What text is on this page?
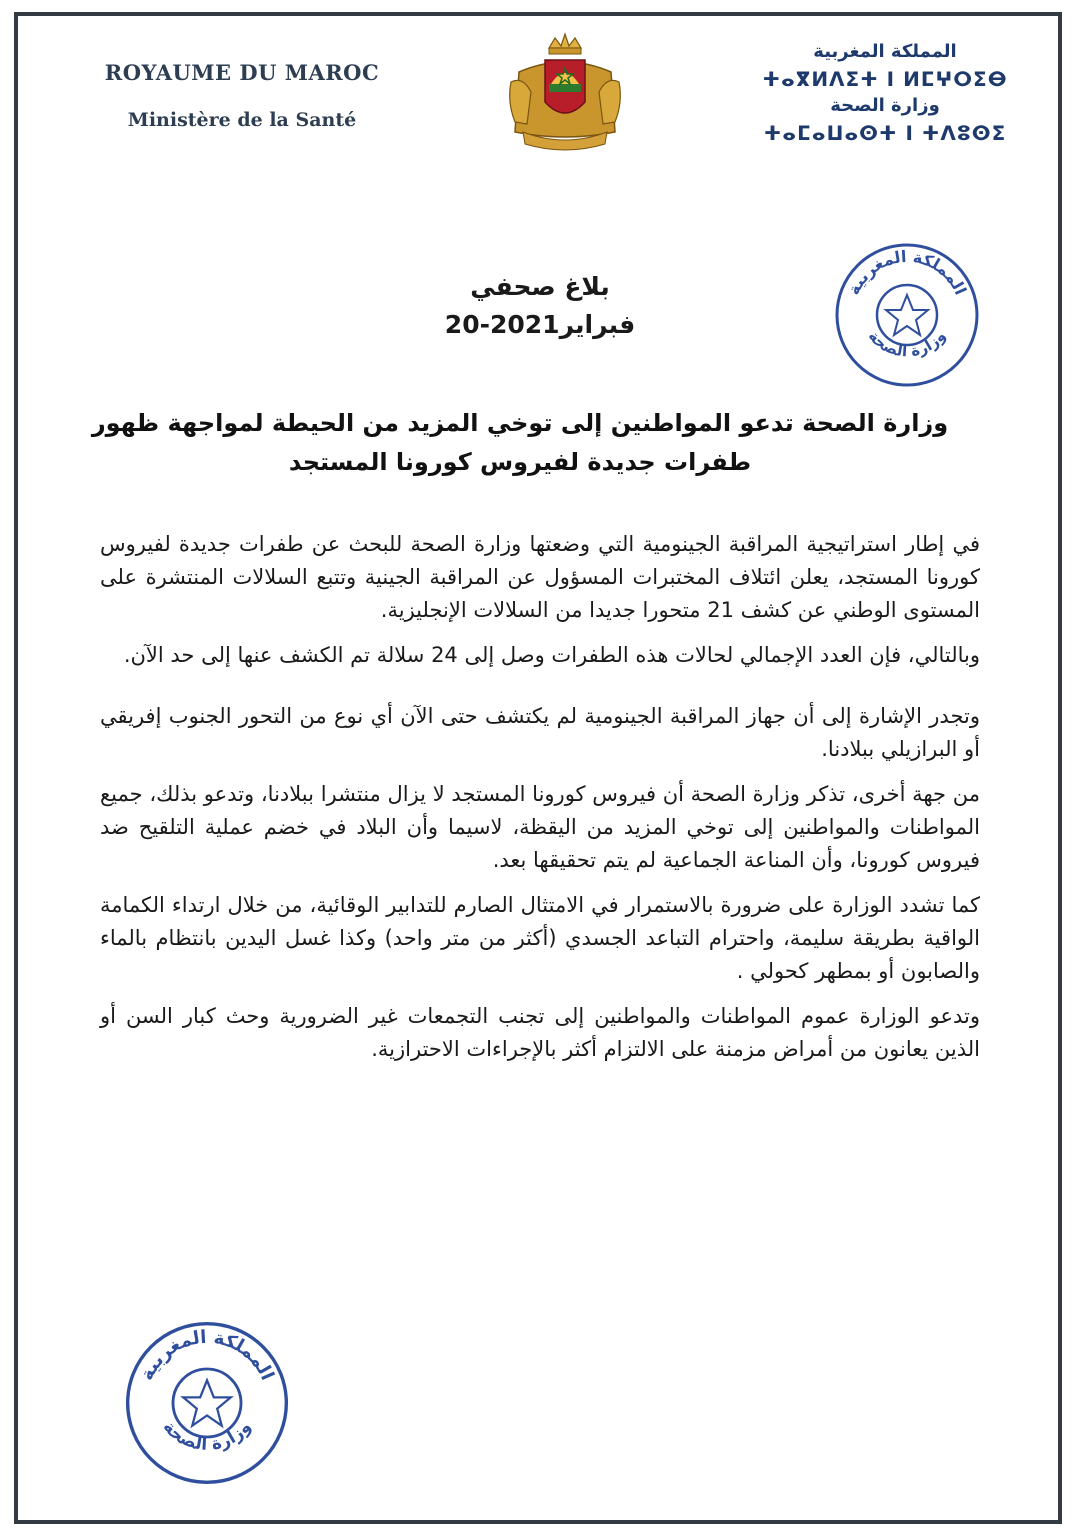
ROYAUME DU MAROC
Ministère de la Santé
المملكة المغربية
ⵜⴰⴳⵍⴷⵉⵜ ⵏ ⵍⵎⵖⵔⵉⴱ
وزارة الصحة
ⵜⴰⵎⴰⵡⴰⵙⵜ ⵏ ⵜⴷⵓⵙⵉ
المملكة المغربية
وزارة الصحة
بلاغ صحفي
20-فبراير2021
وزارة الصحة تدعو المواطنين إلى توخي المزيد من الحيطة لمواجهة ظهور طفرات جديدة لفيروس كورونا المستجد

في إطار استراتيجية المراقبة الجينومية التي وضعتها وزارة الصحة للبحث عن طفرات جديدة لفيروس كورونا المستجد، يعلن ائتلاف المختبرات المسؤول عن المراقبة الجينية وتتبع السلالات المنتشرة على المستوى الوطني عن كشف 21 متحورا جديدا من السلالات الإنجليزية.

وبالتالي، فإن العدد الإجمالي لحالات هذه الطفرات وصل إلى 24 سلالة تم الكشف عنها إلى حد الآن.

وتجدر الإشارة إلى أن جهاز المراقبة الجينومية لم يكتشف حتى الآن أي نوع من التحور الجنوب إفريقي أو البرازيلي ببلادنا.

من جهة أخرى، تذكر وزارة الصحة أن فيروس كورونا المستجد لا يزال منتشرا ببلادنا، وتدعو بذلك، جميع المواطنات والمواطنين إلى توخي المزيد من اليقظة، لاسيما وأن البلاد في خضم عملية التلقيح ضد فيروس كورونا، وأن المناعة الجماعية لم يتم تحقيقها بعد.

كما تشدد الوزارة على ضرورة بالاستمرار في الامتثال الصارم للتدابير الوقائية، من خلال ارتداء الكمامة الواقية بطريقة سليمة، واحترام التباعد الجسدي (أكثر من متر واحد) وكذا غسل اليدين بانتظام بالماء والصابون أو بمطهر كحولي .

وتدعو الوزارة عموم المواطنات والمواطنين إلى تجنب التجمعات غير الضرورية وحث كبار السن أو الذين يعانون من أمراض مزمنة على الالتزام أكثر بالإجراءات الاحترازية.

المملكة المغربية
وزارة الصحة
